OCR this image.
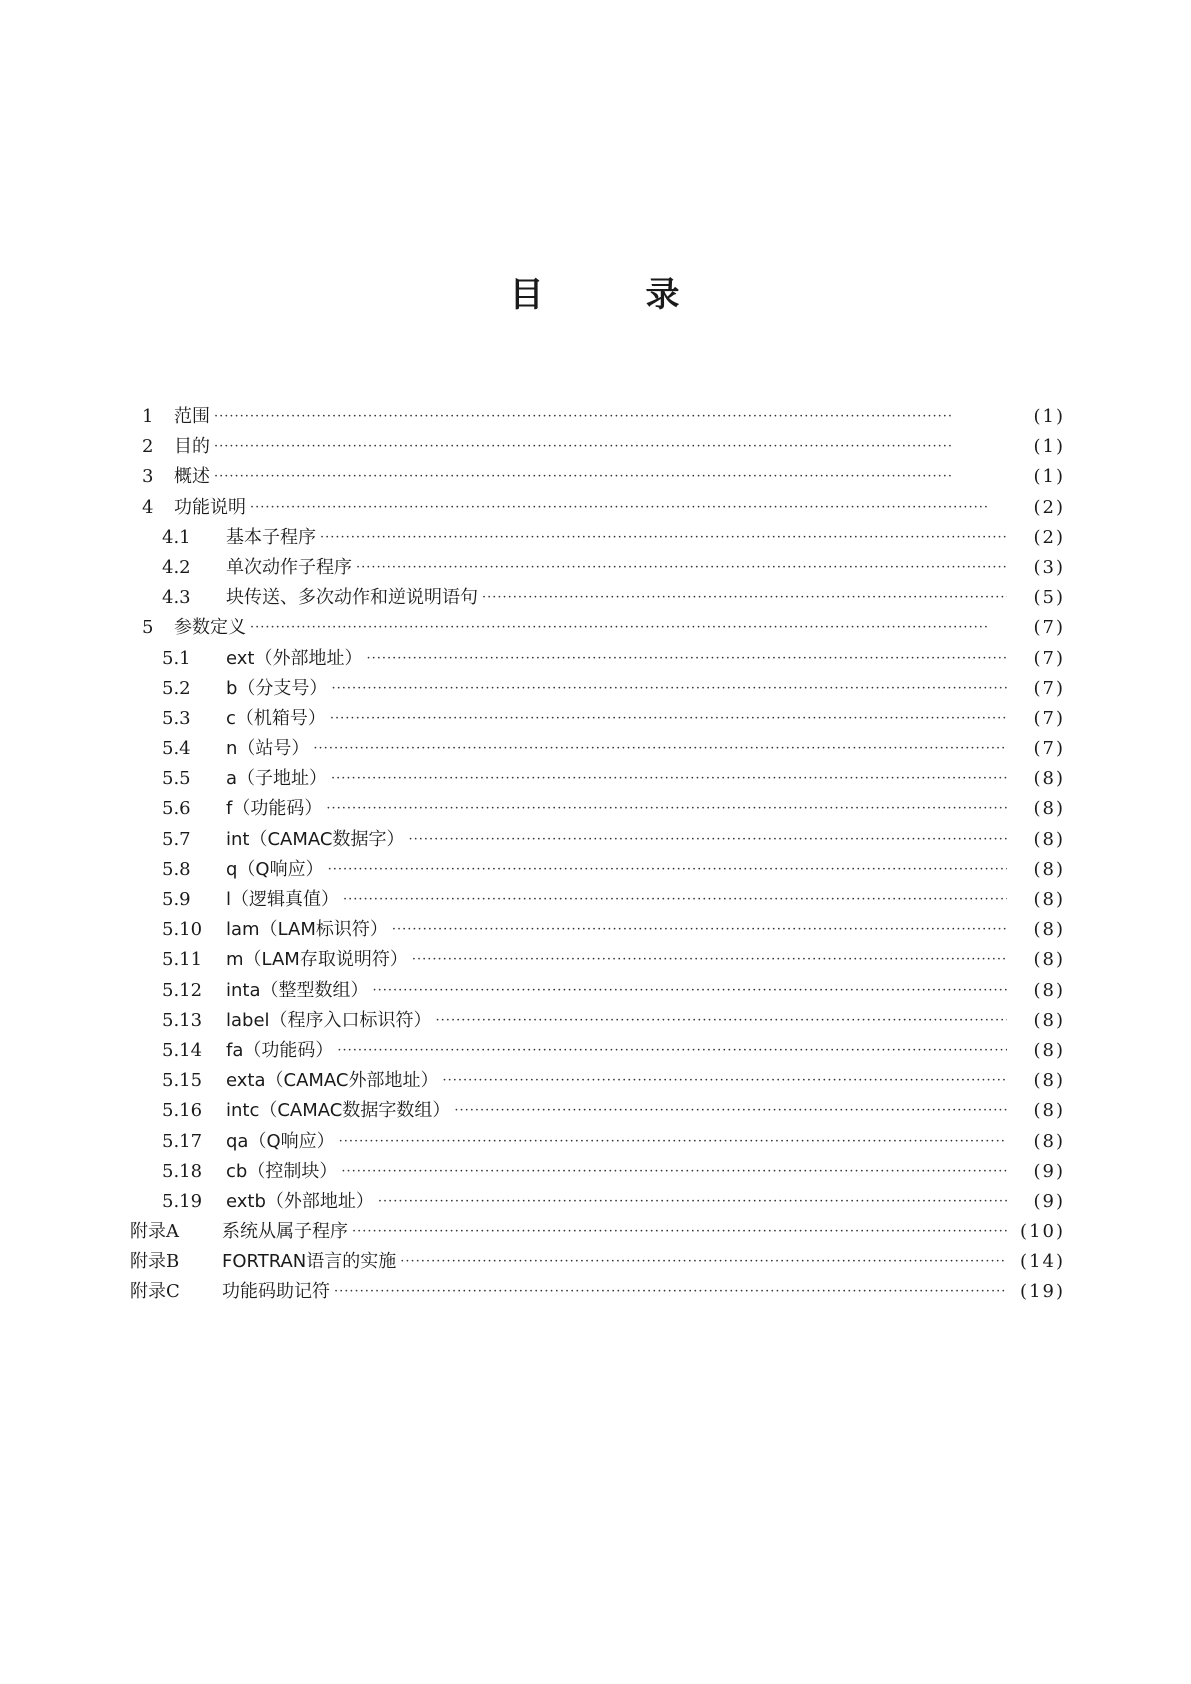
目	录
1	范围 ·····	(1)
2	目的 ·····	(1)
3	概述 ·····	(1)
4	功能说明 ·····	(2)
4.1	基本子程序 ·····	(2)
4.2	单次动作子程序 ·····	(3)
4.3	块传送、多次动作和逆说明语句 ·····	(5)
5	参数定义 ·····	(7)
5.1	ext（外部地址） ·····	(7)
5.2	b（分支号） ·····	(7)
5.3	c（机箱号） ·····	(7)
5.4	n（站号） ·····	(7)
5.5	a（子地址） ·····	(8)
5.6	f（功能码） ·····	(8)
5.7	int（CAMAC数据字） ·····	(8)
5.8	q（Q响应） ·····	(8)
5.9	l（逻辑真值） ·····	(8)
5.10	lam（LAM标识符） ·····	(8)
5.11	m（LAM存取说明符） ·····	(8)
5.12	inta（整型数组） ·····	(8)
5.13	label（程序入口标识符） ·····	(8)
5.14	fa（功能码） ·····	(8)
5.15	exta（CAMAC外部地址） ·····	(8)
5.16	intc（CAMAC数据字数组） ·····	(8)
5.17	qa（Q响应） ·····	(8)
5.18	cb（控制块） ·····	(9)
5.19	extb（外部地址） ·····	(9)
附录A	系统从属子程序 ·····	(10)
附录B	FORTRAN语言的实施 ·····	(14)
附录C	功能码助记符 ·····	(19)
